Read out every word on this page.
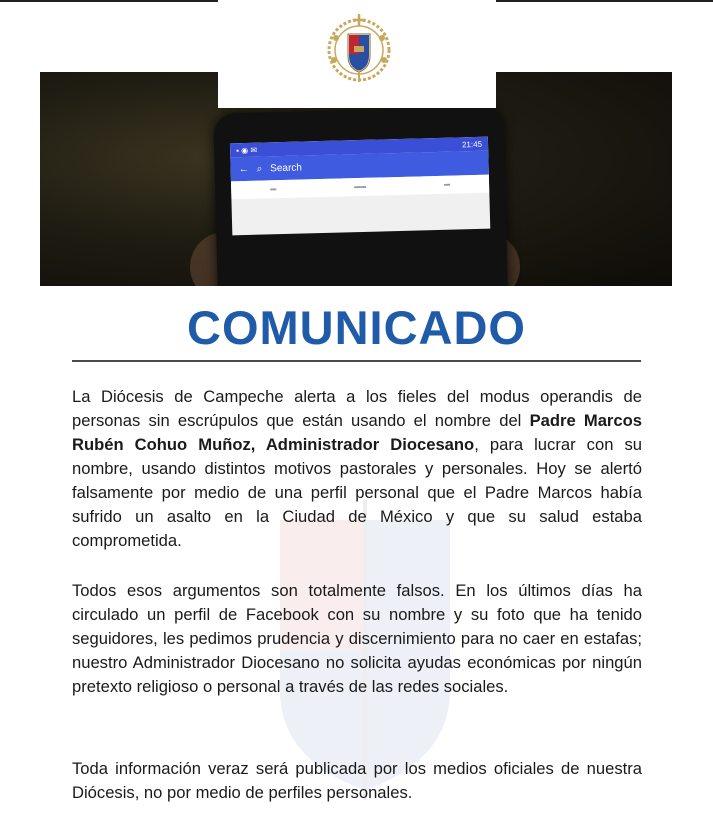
▪ ◉ ✉
21:45
← ⌕ Search
▬	▬▬	▬
COMUNICADO
La Diócesis de Campeche alerta a los fieles del modus operandis de personas sin escrúpulos que están usando el nombre del Padre Marcos Rubén Cohuo Muñoz, Administrador Diocesano, para lucrar con su nombre, usando distintos motivos pastorales y personales. Hoy se alertó falsamente por medio de una perfil personal que el Padre Marcos había sufrido un asalto en la Ciudad de México y que su salud estaba comprometida.
Todos esos argumentos son totalmente falsos. En los últimos días ha circulado un perfil de Facebook con su nombre y su foto que ha tenido seguidores, les pedimos prudencia y discernimiento para no caer en estafas; nuestro Administrador Diocesano no solicita ayudas económicas por ningún pretexto religioso o personal a través de las redes sociales.
Toda información veraz será publicada por los medios oficiales de nuestra Diócesis, no por medio de perfiles personales.
